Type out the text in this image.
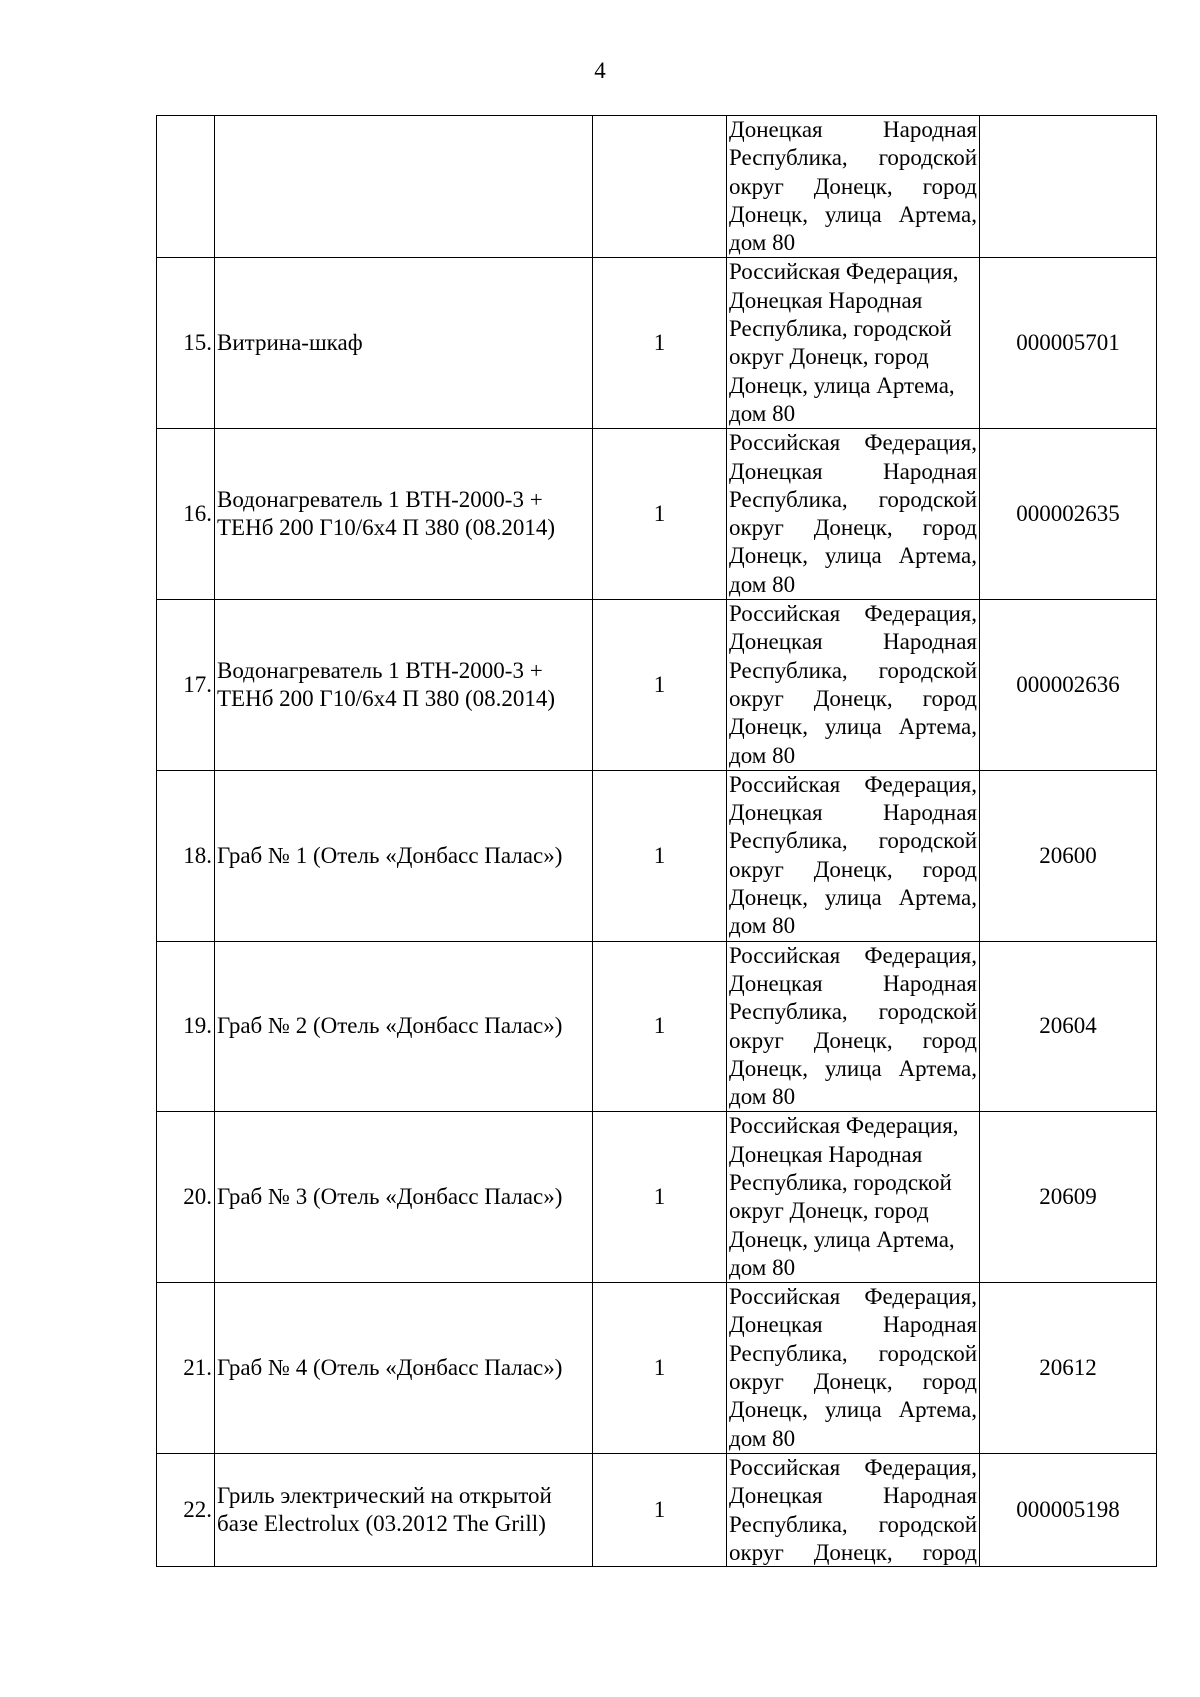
4

			Донецкая Народная Республика, городской округ Донецк, город Донецк, улица Артема, дом 80	

15.	Витрина-шкаф	1	Российская Федерация, Донецкая Народная Республика, городской округ Донецк, город Донецк, улица Артема, дом 80	000005701
16.	Водонагреватель 1 ВТН-2000-3 + ТЕНб 200 Г10/6х4 П 380 (08.2014)	1	Российская Федерация, Донецкая Народная Республика, городской округ Донецк, город Донецк, улица Артема, дом 80	000002635
17.	Водонагреватель 1 ВТН-2000-3 + ТЕНб 200 Г10/6х4 П 380 (08.2014)	1	Российская Федерация, Донецкая Народная Республика, городской округ Донецк, город Донецк, улица Артема, дом 80	000002636
18.	Граб № 1 (Отель «Донбасс Палас»)	1	Российская Федерация, Донецкая Народная Республика, городской округ Донецк, город Донецк, улица Артема, дом 80	20600
19.	Граб № 2 (Отель «Донбасс Палас»)	1	Российская Федерация, Донецкая Народная Республика, городской округ Донецк, город Донецк, улица Артема, дом 80	20604
20.	Граб № 3 (Отель «Донбасс Палас»)	1	Российская Федерация, Донецкая Народная Республика, городской округ Донецк, город Донецк, улица Артема, дом 80	20609
21.	Граб № 4 (Отель «Донбасс Палас»)	1	Российская Федерация, Донецкая Народная Республика, городской округ Донецк, город Донецк, улица Артема, дом 80	20612
22.	Гриль электрический на открытой базе Electrolux (03.2012 The Grill)	1	Российская Федерация, Донецкая Народная Республика, городской округ Донецк, город	000005198
